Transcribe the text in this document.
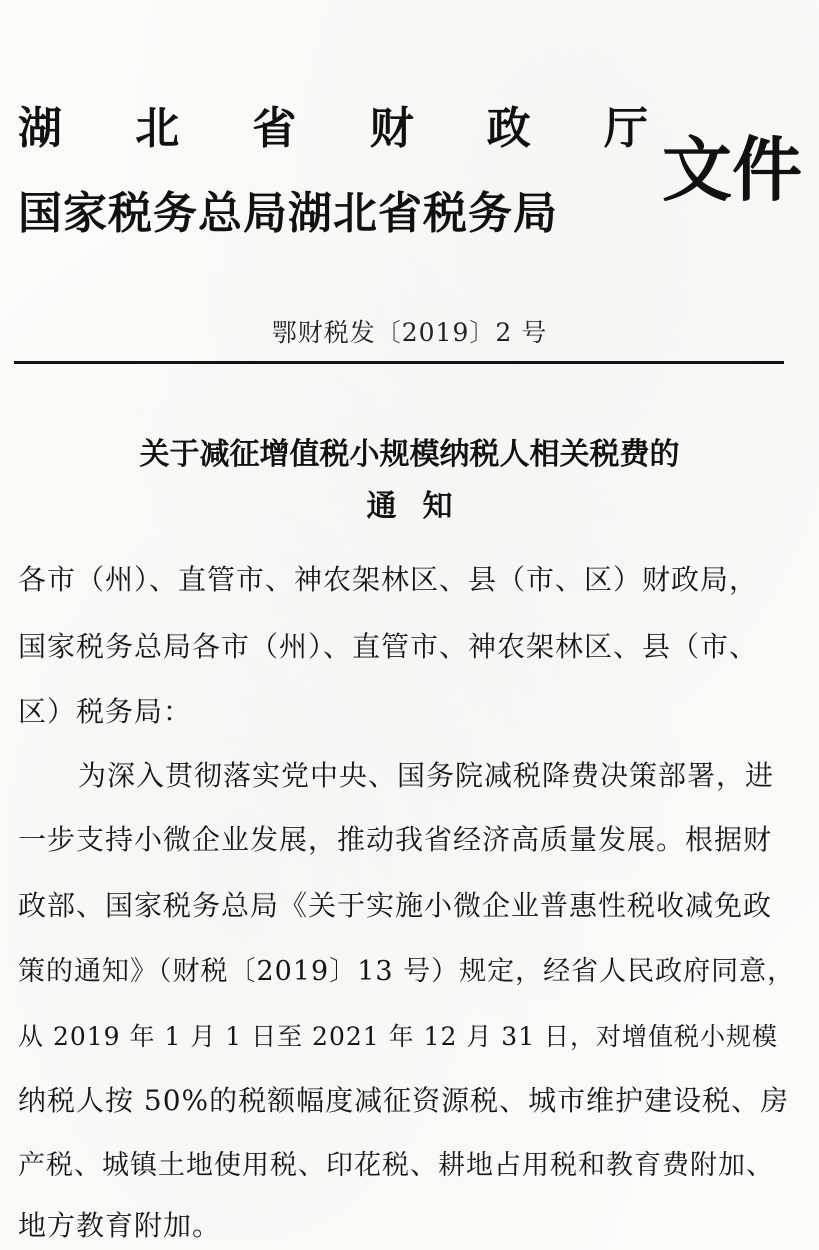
湖北省财政厅
国家税务总局湖北省税务局
文件
鄂财税发〔2019〕2 号
关于减征增值税小规模纳税人相关税费的
通知
各市（州）、直管市、神农架林区、县（市、区）财政局，
国家税务总局各市（州）、直管市、神农架林区、县（市、
区）税务局：
为深入贯彻落实党中央、国务院减税降费决策部署，进
一步支持小微企业发展，推动我省经济高质量发展。根据财
政部、国家税务总局《关于实施小微企业普惠性税收减免政
策的通知》（财税〔2019〕13 号）规定，经省人民政府同意，
从 2019 年 1 月 1 日至 2021 年 12 月 31 日，对增值税小规模
纳税人按 50%的税额幅度减征资源税、城市维护建设税、房
产税、城镇土地使用税、印花税、耕地占用税和教育费附加、
地方教育附加。
